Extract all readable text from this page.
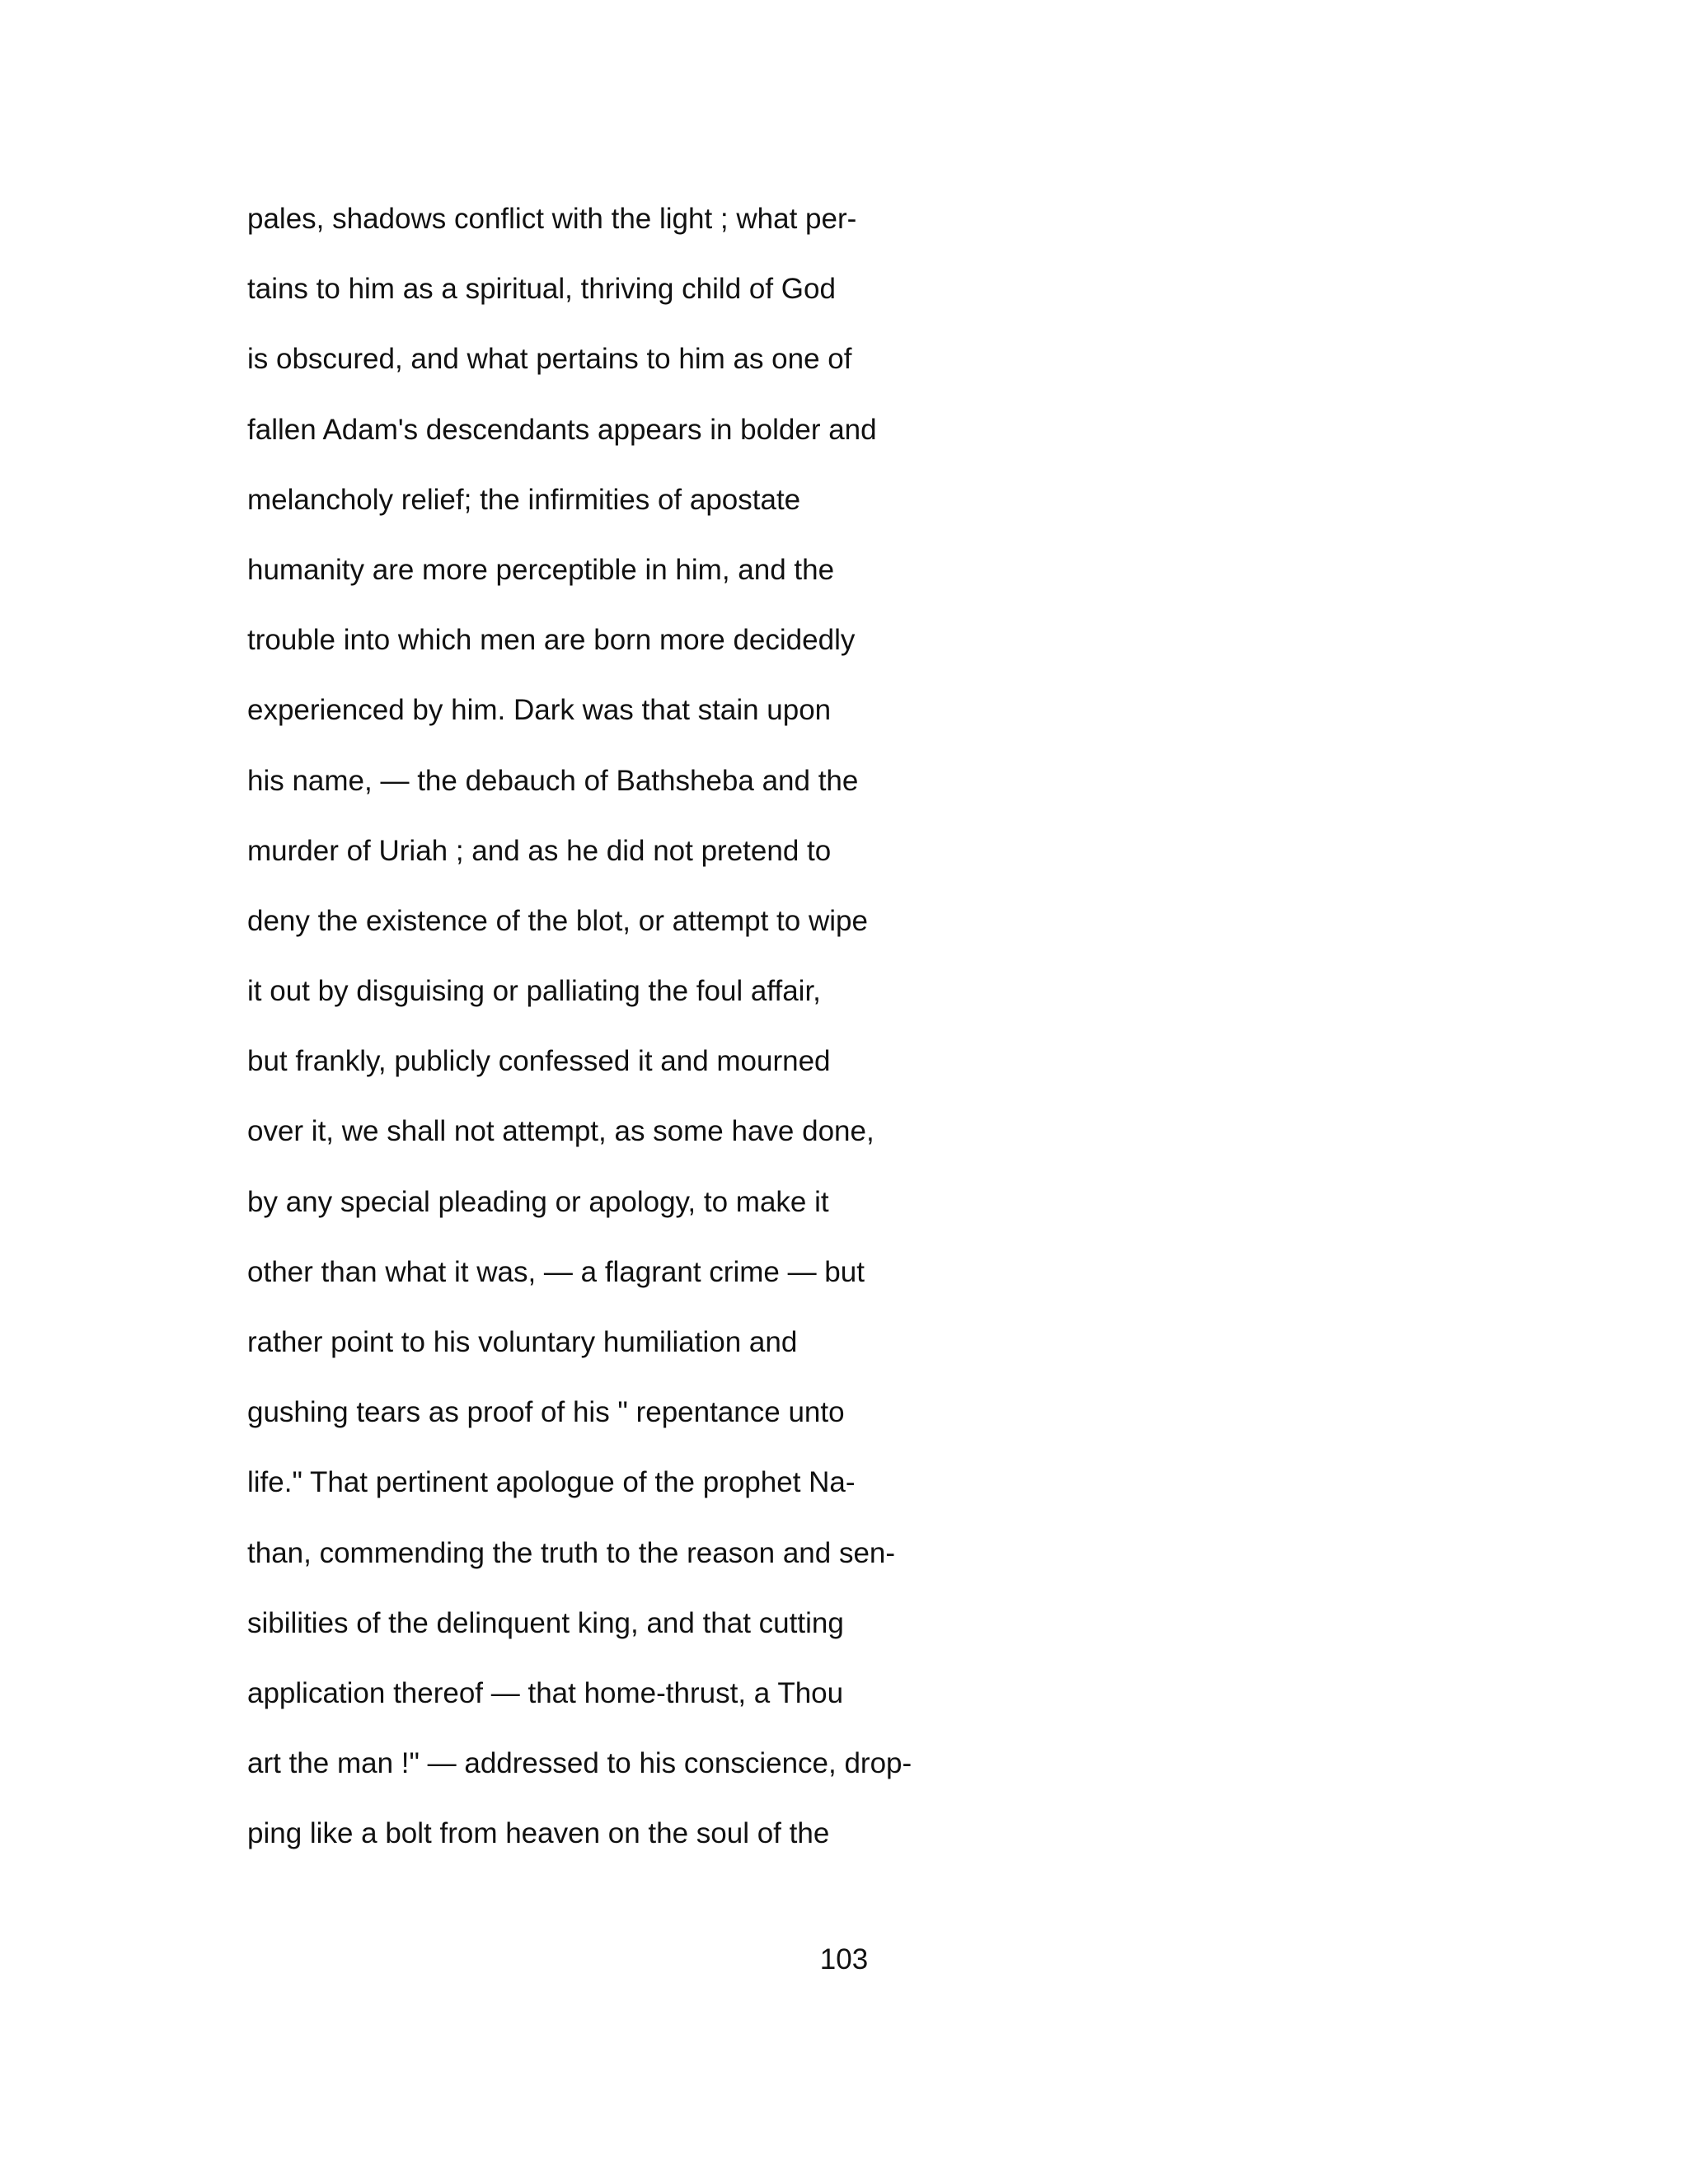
pales, shadows conflict with the light ; what per-
tains to him as a spiritual, thriving child of God
is obscured, and what pertains to him as one of
fallen Adam's descendants appears in bolder and
melancholy relief; the infirmities of apostate
humanity are more perceptible in him, and the
trouble into which men are born more decidedly
experienced by him. Dark was that stain upon
his name, — the debauch of Bathsheba and the
murder of Uriah ; and as he did not pretend to
deny the existence of the blot, or attempt to wipe
it out by disguising or palliating the foul affair,
but frankly, publicly confessed it and mourned
over it, we shall not attempt, as some have done,
by any special pleading or apology, to make it
other than what it was, — a flagrant crime — but
rather point to his voluntary humiliation and
gushing tears as proof of his " repentance unto
life." That pertinent apologue of the prophet Na-
than, commending the truth to the reason and sen-
sibilities of the delinquent king, and that cutting
application thereof — that home-thrust, a Thou
art the man !" — addressed to his conscience, drop-
ping like a bolt from heaven on the soul of the
103
